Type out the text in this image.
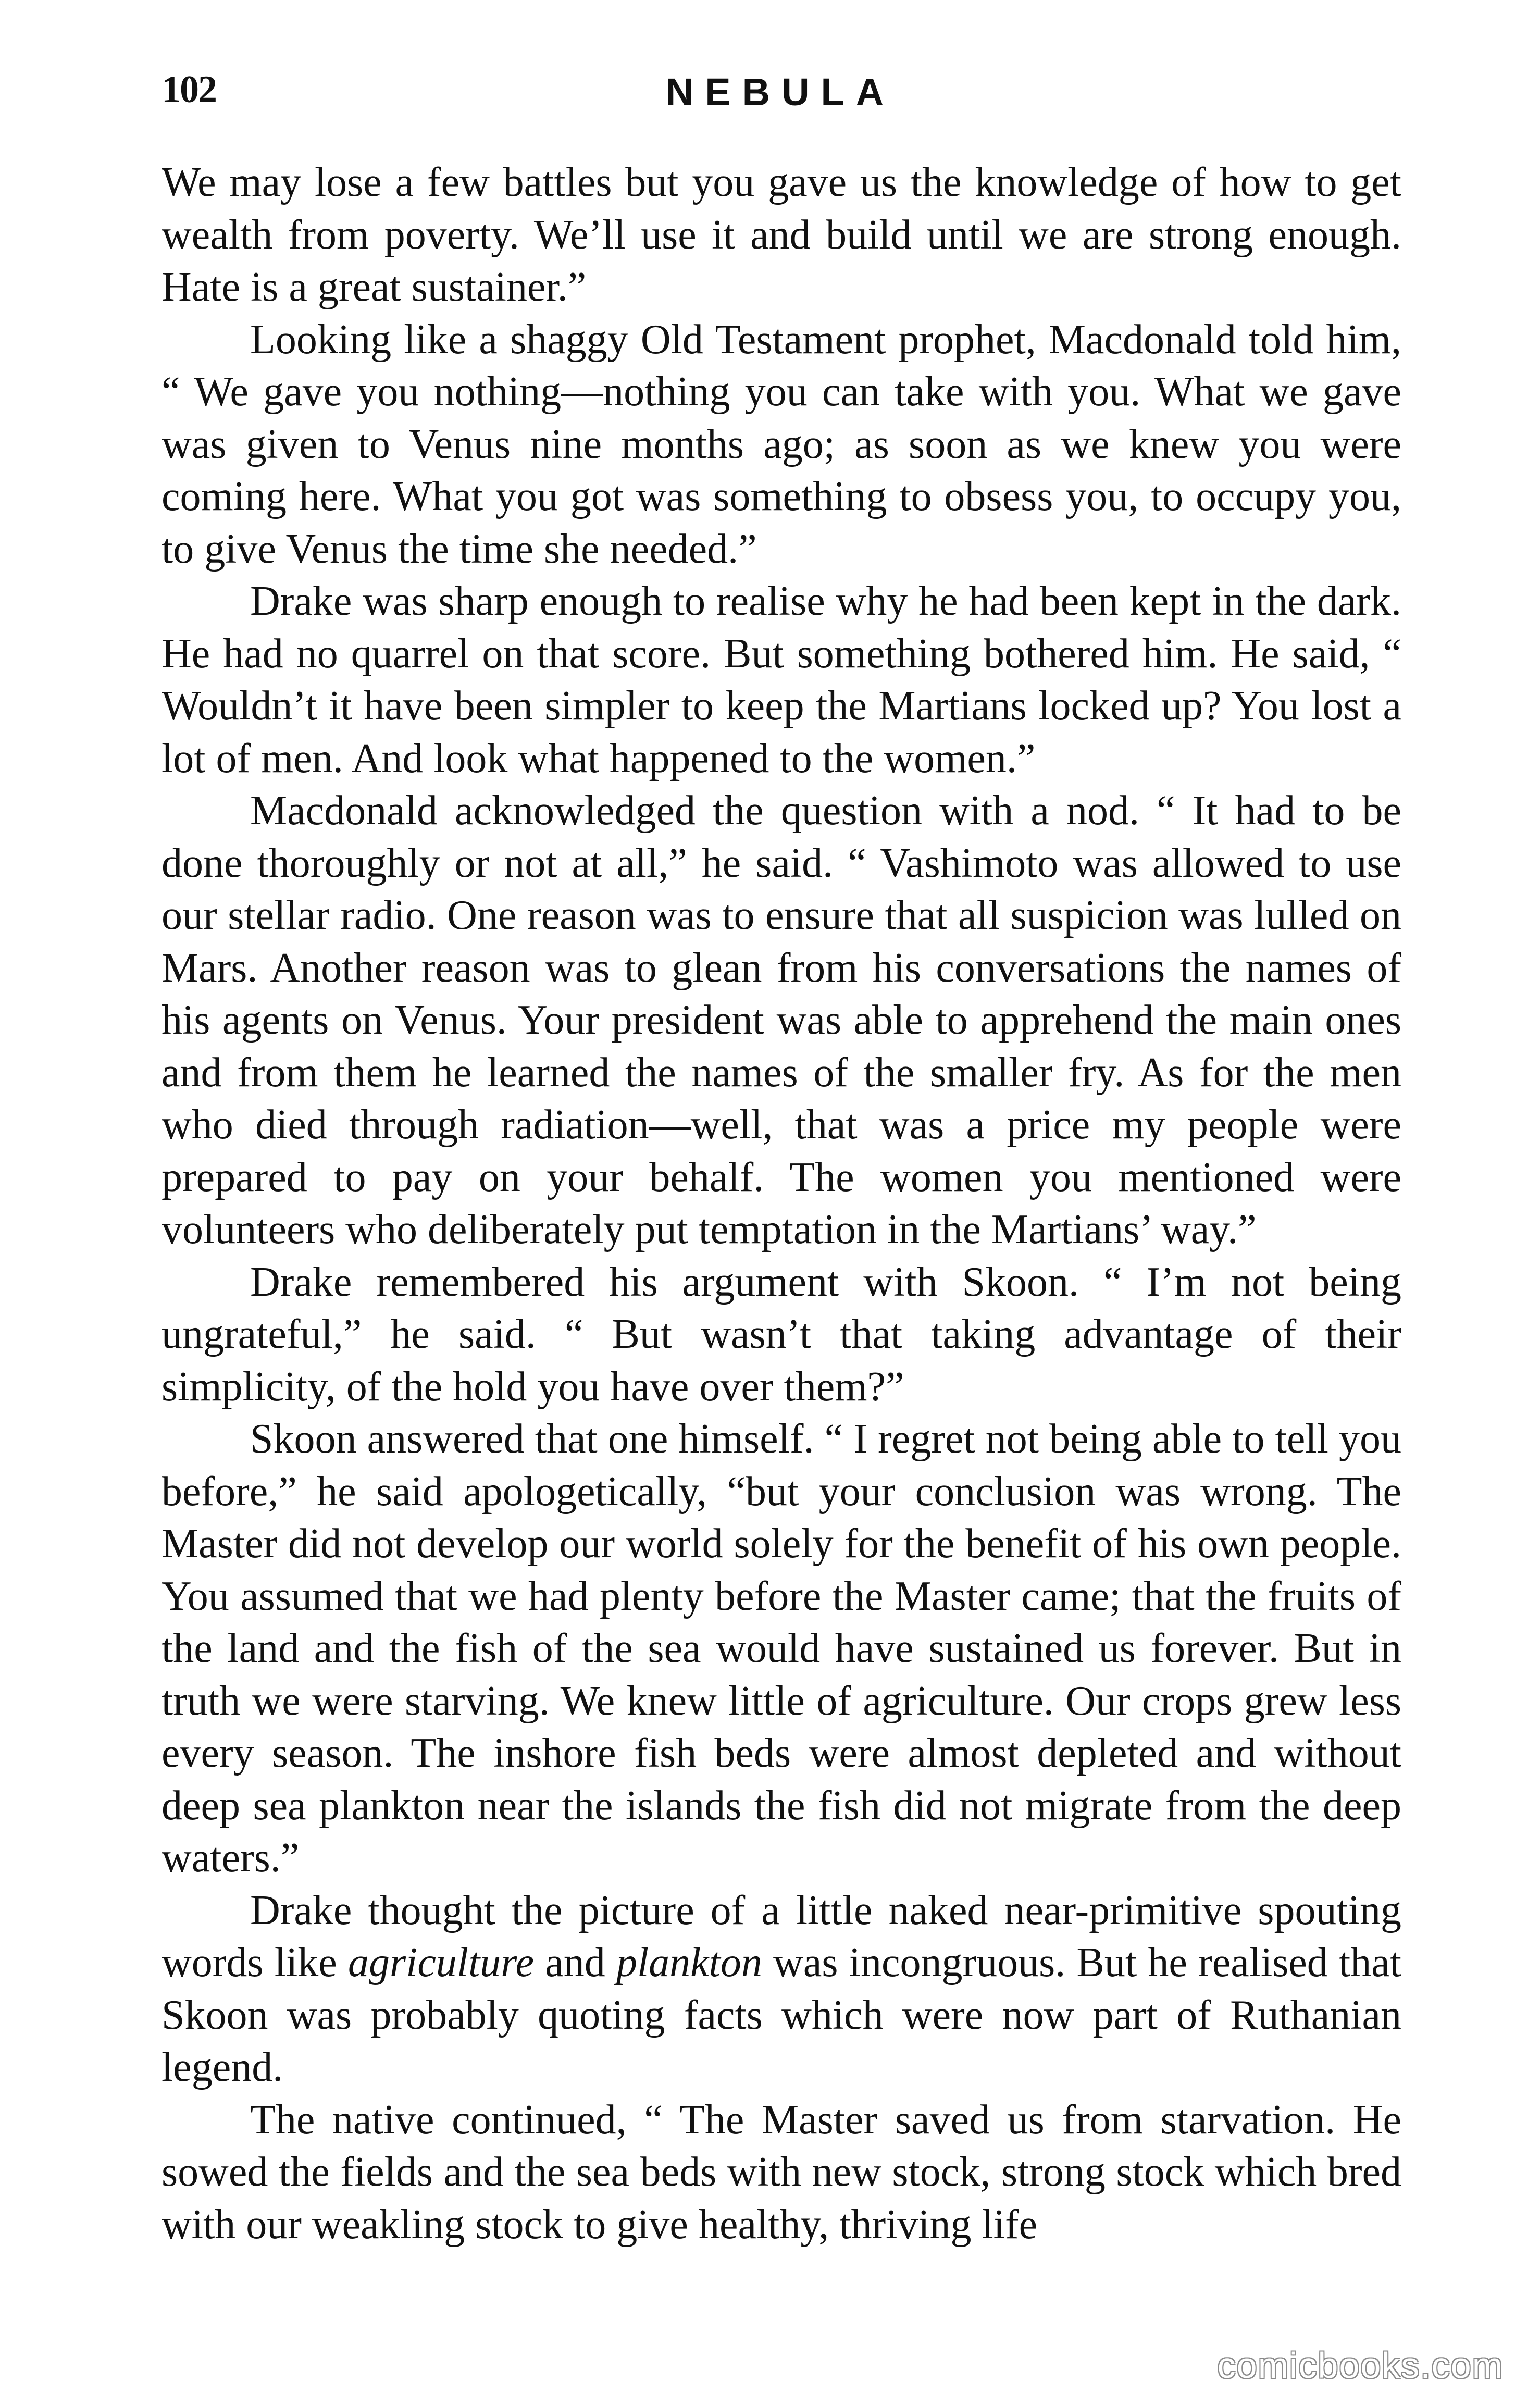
102	NEBULA

We may lose a few battles but you gave us the knowledge of how to get wealth from poverty. We’ll use it and build until we are strong enough. Hate is a great sustainer.”

Looking like a shaggy Old Testament prophet, Macdonald told him, “ We gave you nothing—nothing you can take with you. What we gave was given to Venus nine months ago; as soon as we knew you were coming here. What you got was something to obsess you, to occupy you, to give Venus the time she needed.”

Drake was sharp enough to realise why he had been kept in the dark. He had no quarrel on that score. But something bothered him. He said, “ Wouldn’t it have been simpler to keep the Martians locked up? You lost a lot of men. And look what happened to the women.”

Macdonald acknowledged the question with a nod. “ It had to be done thoroughly or not at all,” he said. “ Vashimoto was allowed to use our stellar radio. One reason was to ensure that all suspicion was lulled on Mars. Another reason was to glean from his conversations the names of his agents on Venus. Your president was able to apprehend the main ones and from them he learned the names of the smaller fry. As for the men who died through radiation—well, that was a price my people were prepared to pay on your behalf. The women you mentioned were volunteers who deliberately put temptation in the Martians’ way.”

Drake remembered his argument with Skoon. “ I’m not being ungrateful,” he said. “ But wasn’t that taking advantage of their simplicity, of the hold you have over them?”

Skoon answered that one himself. “ I regret not being able to tell you before,” he said apologetically, “but your conclusion was wrong. The Master did not develop our world solely for the benefit of his own people. You assumed that we had plenty before the Master came; that the fruits of the land and the fish of the sea would have sustained us forever. But in truth we were starving. We knew little of agriculture. Our crops grew less every season. The inshore fish beds were almost depleted and without deep sea plankton near the islands the fish did not migrate from the deep waters.”

Drake thought the picture of a little naked near-primitive spouting words like agriculture and plankton was incongruous. But he realised that Skoon was probably quoting facts which were now part of Ruthanian legend.

The native continued, “ The Master saved us from starvation. He sowed the fields and the sea beds with new stock, strong stock which bred with our weakling stock to give healthy, thriving life

comicbooks.com
